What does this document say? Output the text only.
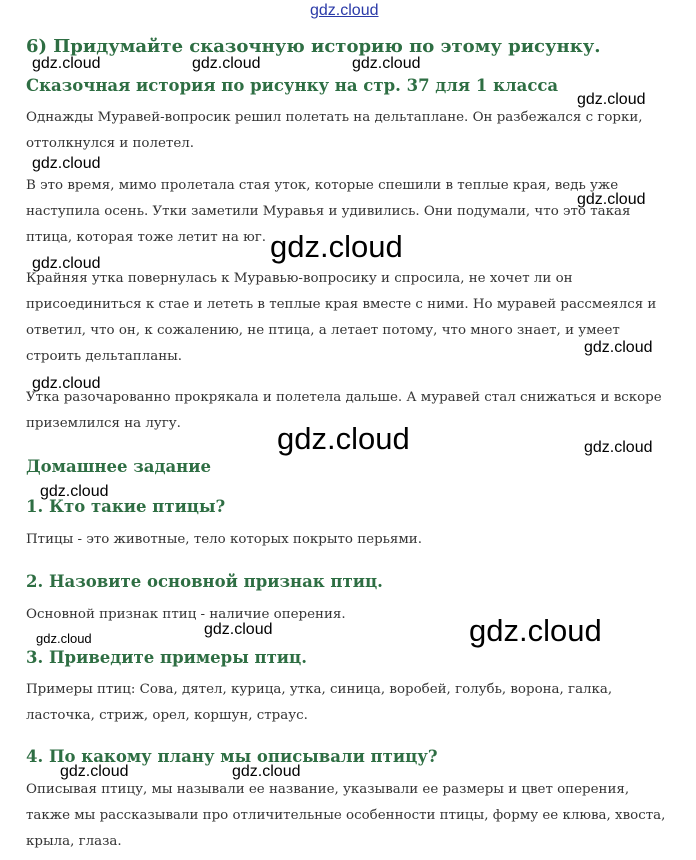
gdz.cloud
6) Придумайте сказочную историю по этому рисунку.
Сказочная история по рисунку на стр. 37 для 1 класса

Однажды Муравей-вопросик решил полетать на дельтаплане. Он разбежался с горки, оттолкнулся и полетел.

В это время, мимо пролетала стая уток, которые спешили в теплые края, ведь уже наступила осень. Утки заметили Муравья и удивились. Они подумали, что это такая птица, которая тоже летит на юг.

Крайняя утка повернулась к Муравью-вопросику и спросила, не хочет ли он присоединиться к стае и лететь в теплые края вместе с ними. Но муравей рассмеялся и ответил, что он, к сожалению, не птица, а летает потому, что много знает, и умеет строить дельтапланы.

Утка разочарованно прокрякала и полетела дальше. А муравей стал снижаться и вскоре приземлился на лугу.

Домашнее задание
1. Кто такие птицы?

Птицы - это животные, тело которых покрыто перьями.

2. Назовите основной признак птиц.

Основной признак птиц - наличие оперения.

3. Приведите примеры птиц.

Примеры птиц: Сова, дятел, курица, утка, синица, воробей, голубь, ворона, галка, ласточка, стриж, орел, коршун, страус.

4. По какому плану мы описывали птицу?

Описывая птицу, мы называли ее название, указывали ее размеры и цвет оперения, также мы рассказывали про отличительные особенности птицы, форму ее клюва, хвоста, крыла, глаза.

gdz.cloud	gdz.cloud	gdz.cloud
gdz.cloud
gdz.cloud
gdz.cloud
gdz.cloud
gdz.cloud
gdz.cloud
gdz.cloud
gdz.cloud	gdz.cloud
gdz.cloud
gdz.cloud
gdz.cloud	gdz.cloud
gdz.cloud	gdz.cloud
